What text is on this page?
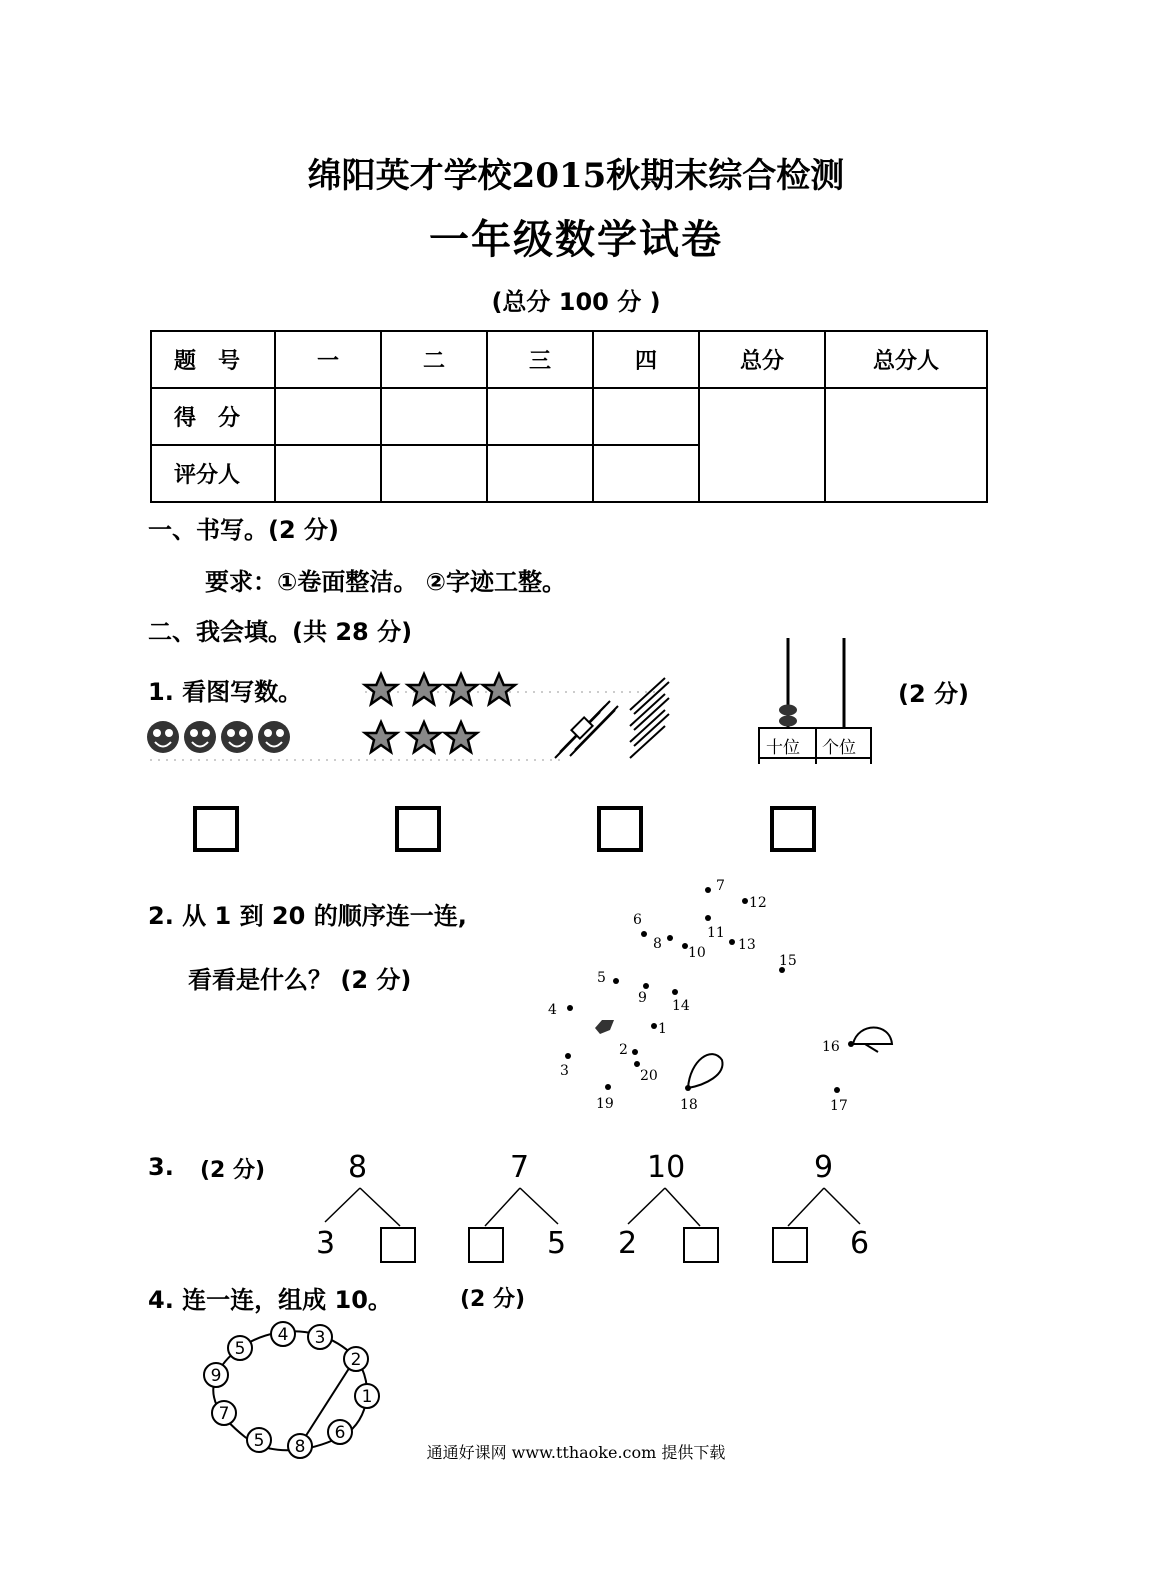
绵阳英才学校2015秋期末综合检测
一年级数学试卷
(总分 100 分 )
题　号	一	二	三	四	总分	总分人
得　分						
评分人						
一、书写。(2 分)
要求：①卷面整洁。 ②字迹工整。
二、我会填。(共 28 分)
1. 看图写数。	(2 分)
十位 个位
2. 从 1 到 20 的顺序连一连,
看看是什么？ (2 分)
1
2
3
4
5
6
7
8
9
10
11
12
13
14
15
16
17
18
19
20
3. (2 分)	8
3
7
5
10
2
9
6
4. 连一连，组成 10。	(2 分)
5
4 3
2
1
6
8
5
7
9
通通好课网 www.tthaoke.com 提供下载
